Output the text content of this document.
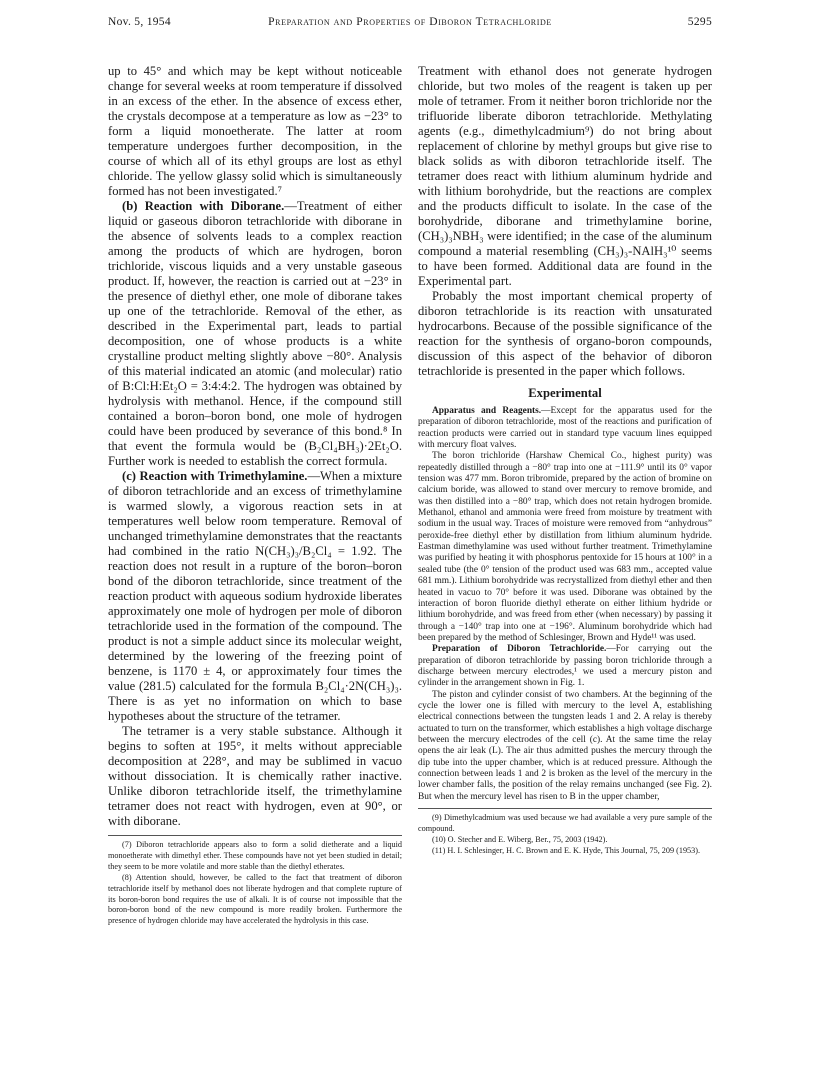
Nov. 5, 1954	Preparation and Properties of Diboron Tetrachloride	5295

up to 45° and which may be kept without noticeable change for several weeks at room temperature if dissolved in an excess of the ether. In the absence of excess ether, the crystals decompose at a temperature as low as −23° to form a liquid monoetherate. The latter at room temperature undergoes further decomposition, in the course of which all of its ethyl groups are lost as ethyl chloride. The yellow glassy solid which is simultaneously formed has not been investigated.⁷

(b) Reaction with Diborane.—Treatment of either liquid or gaseous diboron tetrachloride with diborane in the absence of solvents leads to a complex reaction among the products of which are hydrogen, boron trichloride, viscous liquids and a very unstable gaseous product. If, however, the reaction is carried out at −23° in the presence of diethyl ether, one mole of diborane takes up one of the tetrachloride. Removal of the ether, as described in the Experimental part, leads to partial decomposition, one of whose products is a white crystalline product melting slightly above −80°. Analysis of this material indicated an atomic (and molecular) ratio of B:Cl:H:Et₂O = 3:4:4:2. The hydrogen was obtained by hydrolysis with methanol. Hence, if the compound still contained a boron–boron bond, one mole of hydrogen could have been produced by severance of this bond.⁸ In that event the formula would be (B₂Cl₄BH₃)·2Et₂O. Further work is needed to establish the correct formula.

(c) Reaction with Trimethylamine.—When a mixture of diboron tetrachloride and an excess of trimethylamine is warmed slowly, a vigorous reaction sets in at temperatures well below room temperature. Removal of unchanged trimethylamine demonstrates that the reactants had combined in the ratio N(CH₃)₃/B₂Cl₄ = 1.92. The reaction does not result in a rupture of the boron–boron bond of the diboron tetrachloride, since treatment of the reaction product with aqueous sodium hydroxide liberates approximately one mole of hydrogen per mole of diboron tetrachloride used in the formation of the compound. The product is not a simple adduct since its molecular weight, determined by the lowering of the freezing point of benzene, is 1170 ± 4, or approximately four times the value (281.5) calculated for the formula B₂Cl₄·2N(CH₃)₃. There is as yet no information on which to base hypotheses about the structure of the tetramer.

The tetramer is a very stable substance. Although it begins to soften at 195°, it melts without appreciable decomposition at 228°, and may be sublimed in vacuo without dissociation. It is chemically rather inactive. Unlike diboron tetrachloride itself, the trimethylamine tetramer does not react with hydrogen, even at 90°, or with diborane.

(7) Diboron tetrachloride appears also to form a solid dietherate and a liquid monoetherate with dimethyl ether. These compounds have not yet been studied in detail; they seem to be more volatile and more stable than the diethyl etherates.

(8) Attention should, however, be called to the fact that treatment of diboron tetrachloride itself by methanol does not liberate hydrogen and that complete rupture of its boron-boron bond requires the use of alkali. It is of course not impossible that the boron-boron bond of the new compound is more readily broken. Furthermore the presence of hydrogen chloride may have accelerated the hydrolysis in this case.

Treatment with ethanol does not generate hydrogen chloride, but two moles of the reagent is taken up per mole of tetramer. From it neither boron trichloride nor the trifluoride liberate diboron tetrachloride. Methylating agents (e.g., dimethylcadmium⁹) do not bring about replacement of chlorine by methyl groups but give rise to black solids as with diboron tetrachloride itself. The tetramer does react with lithium aluminum hydride and with lithium borohydride, but the reactions are complex and the products difficult to isolate. In the case of the borohydride, diborane and trimethylamine borine, (CH₃)₃NBH₃ were identified; in the case of the aluminum compound a material resembling (CH₃)₃-NAlH₃¹⁰ seems to have been formed. Additional data are found in the Experimental part.

Probably the most important chemical property of diboron tetrachloride is its reaction with unsaturated hydrocarbons. Because of the possible significance of the reaction for the synthesis of organo-boron compounds, discussion of this aspect of the behavior of diboron tetrachloride is presented in the paper which follows.

Experimental

Apparatus and Reagents.—Except for the apparatus used for the preparation of diboron tetrachloride, most of the reactions and purification of reaction products were carried out in standard type vacuum lines equipped with mercury float valves.

The boron trichloride (Harshaw Chemical Co., highest purity) was repeatedly distilled through a −80° trap into one at −111.9° until its 0° vapor tension was 477 mm. Boron tribromide, prepared by the action of bromine on calcium boride, was allowed to stand over mercury to remove bromide, and was then distilled into a −80° trap, which does not retain hydrogen bromide. Methanol, ethanol and ammonia were freed from moisture by treatment with sodium in the usual way. Traces of moisture were removed from “anhydrous” peroxide-free diethyl ether by distillation from lithium aluminum hydride. Eastman dimethylamine was used without further treatment. Trimethylamine was purified by heating it with phosphorus pentoxide for 15 hours at 100° in a sealed tube (the 0° tension of the product used was 683 mm., accepted value 681 mm.). Lithium borohydride was recrystallized from diethyl ether and then heated in vacuo to 70° before it was used. Diborane was obtained by the interaction of boron fluoride diethyl etherate on either lithium hydride or lithium borohydride, and was freed from ether (when necessary) by passing it through a −140° trap into one at −196°. Aluminum borohydride which had been prepared by the method of Schlesinger, Brown and Hyde¹¹ was used.

Preparation of Diboron Tetrachloride.—For carrying out the preparation of diboron tetrachloride by passing boron trichloride through a discharge between mercury electrodes,¹ we used a mercury piston and cylinder in the arrangement shown in Fig. 1.

The piston and cylinder consist of two chambers. At the beginning of the cycle the lower one is filled with mercury to the level A, establishing electrical connections between the tungsten leads 1 and 2. A relay is thereby actuated to turn on the transformer, which establishes a high voltage discharge between the mercury electrodes of the cell (c). At the same time the relay opens the air leak (L). The air thus admitted pushes the mercury through the dip tube into the upper chamber, which is at reduced pressure. Although the connection between leads 1 and 2 is broken as the level of the mercury in the lower chamber falls, the position of the relay remains unchanged (see Fig. 2). But when the mercury level has risen to B in the upper chamber,

(9) Dimethylcadmium was used because we had available a very pure sample of the compound.

(10) O. Stecher and E. Wiberg, Ber., 75, 2003 (1942).

(11) H. I. Schlesinger, H. C. Brown and E. K. Hyde, This Journal, 75, 209 (1953).
